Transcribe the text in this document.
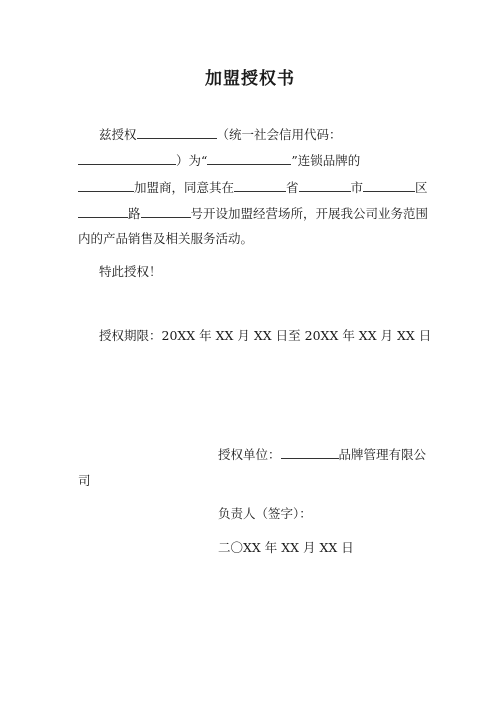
加盟授权书
兹授权	（统一社会信用代码：
）为“	”连锁品牌的
加盟商，同意其在	省	市	区
路	号开设加盟经营场所，开展我公司业务范围
内的产品销售及相关服务活动。
特此授权！
授权期限：20XX 年 XX 月 XX 日至 20XX 年 XX 月 XX 日
授权单位：	品牌管理有限公
司
负责人（签字）：
二〇XX 年 XX 月 XX 日
